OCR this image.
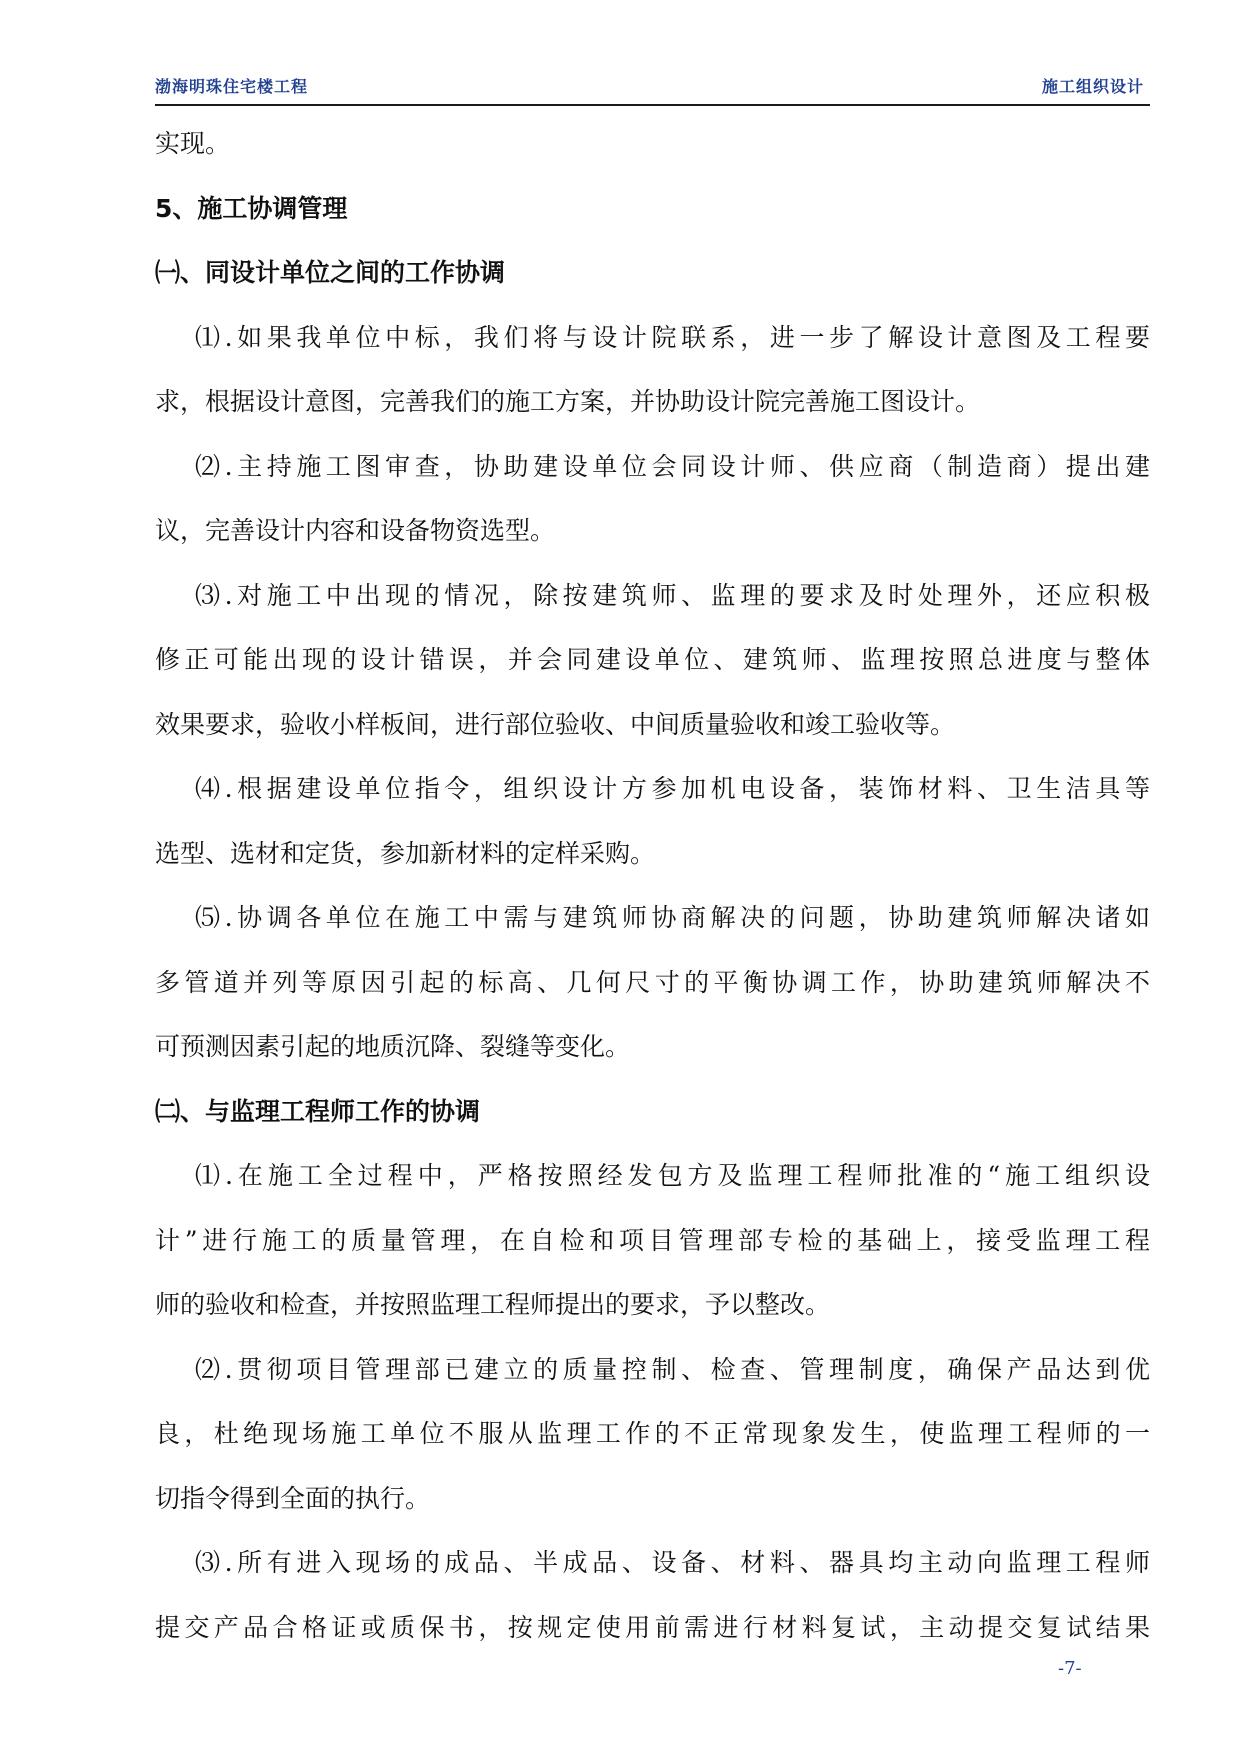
渤海明珠住宅楼工程	施工组织设计
实现。
5、施工协调管理
㈠、同设计单位之间的工作协调
⑴.如果我单位中标，我们将与设计院联系，进一步了解设计意图及工程要
求，根据设计意图，完善我们的施工方案，并协助设计院完善施工图设计。
⑵.主持施工图审查，协助建设单位会同设计师、供应商（制造商）提出建
议，完善设计内容和设备物资选型。
⑶.对施工中出现的情况，除按建筑师、监理的要求及时处理外，还应积极
修正可能出现的设计错误，并会同建设单位、建筑师、监理按照总进度与整体
效果要求，验收小样板间，进行部位验收、中间质量验收和竣工验收等。
⑷.根据建设单位指令，组织设计方参加机电设备，装饰材料、卫生洁具等
选型、选材和定货，参加新材料的定样采购。
⑸.协调各单位在施工中需与建筑师协商解决的问题，协助建筑师解决诸如
多管道并列等原因引起的标高、几何尺寸的平衡协调工作，协助建筑师解决不
可预测因素引起的地质沉降、裂缝等变化。
㈡、与监理工程师工作的协调
⑴.在施工全过程中，严格按照经发包方及监理工程师批准的“施工组织设
计”进行施工的质量管理，在自检和项目管理部专检的基础上，接受监理工程
师的验收和检查，并按照监理工程师提出的要求，予以整改。
⑵.贯彻项目管理部已建立的质量控制、检查、管理制度，确保产品达到优
良，杜绝现场施工单位不服从监理工作的不正常现象发生，使监理工程师的一
切指令得到全面的执行。
⑶.所有进入现场的成品、半成品、设备、材料、器具均主动向监理工程师
提交产品合格证或质保书，按规定使用前需进行材料复试，主动提交复试结果
-7-
